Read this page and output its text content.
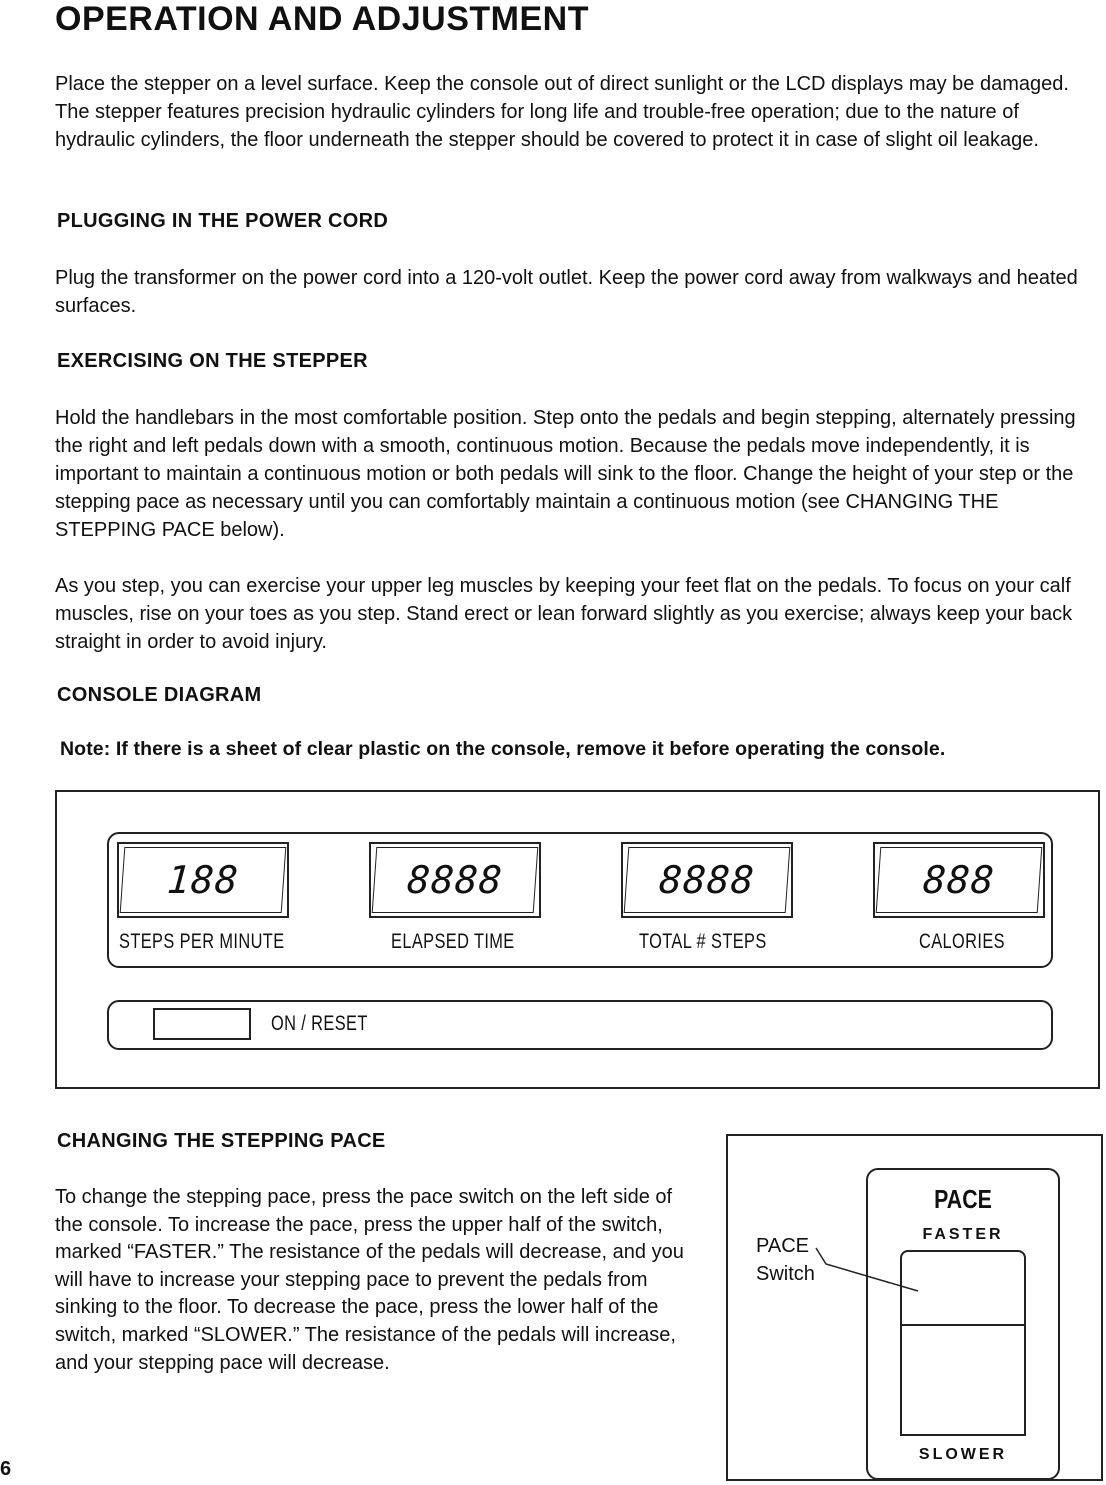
OPERATION AND ADJUSTMENT

Place the stepper on a level surface. Keep the console out of direct sunlight or the LCD displays may be damaged. The stepper features precision hydraulic cylinders for long life and trouble-free operation; due to the nature of hydraulic cylinders, the floor underneath the stepper should be covered to protect it in case of slight oil leakage.

PLUGGING IN THE POWER CORD

Plug the transformer on the power cord into a 120-volt outlet. Keep the power cord away from walkways and heated surfaces.

EXERCISING ON THE STEPPER

Hold the handlebars in the most comfortable position. Step onto the pedals and begin stepping, alternately pressing the right and left pedals down with a smooth, continuous motion. Because the pedals move independently, it is important to maintain a continuous motion or both pedals will sink to the floor. Change the height of your step or the stepping pace as necessary until you can comfortably maintain a continuous motion (see CHANGING THE STEPPING PACE below).

As you step, you can exercise your upper leg muscles by keeping your feet flat on the pedals. To focus on your calf muscles, rise on your toes as you step. Stand erect or lean forward slightly as you exercise; always keep your back straight in order to avoid injury.

CONSOLE DIAGRAM
Note: If there is a sheet of clear plastic on the console, remove it before operating the console.
188	8888	8888	888
STEPS PER MINUTE	ELAPSED TIME	TOTAL # STEPS	CALORIES
ON / RESET
CHANGING THE STEPPING PACE

To change the stepping pace, press the pace switch on the left side of the console. To increase the pace, press the upper half of the switch, marked “FASTER.” The resistance of the pedals will decrease, and you will have to increase your stepping pace to prevent the pedals from sinking to the floor. To decrease the pace, press the lower half of the switch, marked “SLOWER.” The resistance of the pedals will increase, and your stepping pace will decrease.

PACE
Switch
PACE
FASTER
SLOWER
6
